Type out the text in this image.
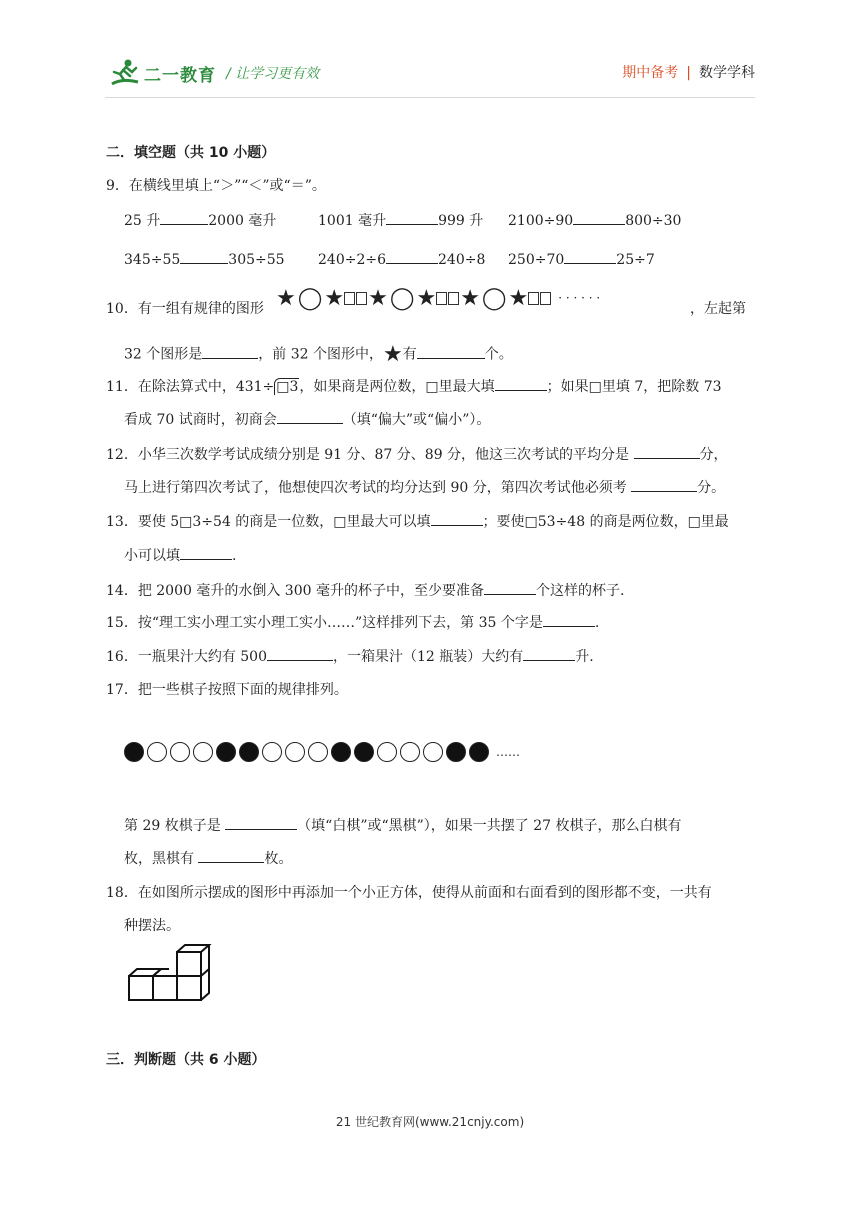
二一教育 / 让学习更有效	期中备考 | 数学学科
二．填空题（共 10 小题）
9．在横线里填上“＞”“＜”或“＝”。
25 升	2000 毫升	1001 毫升	999 升 2100÷90	800÷30
345÷55	305÷55 240÷2÷6	240÷8 250÷70	25÷7
10．有一组有规律的图形 ★ ◯ ★ ★ ◯ ★ ★ ◯ ★	· · · · · ·
，左起第
32 个图形是	，前 32 个图形中，★有	个。
11．在除法算式中，431÷ □3，如果商是两位数，□里最大填	；如果□里填 7，把除数 73
看成 70 试商时，初商会	（填“偏大”或“偏小”）。
12．小华三次数学考试成绩分别是 91 分、87 分、89 分，他这三次考试的平均分是	分，
马上进行第四次考试了，他想使四次考试的均分达到 90 分，第四次考试他必须考	分。
13．要使 5□3÷54 的商是一位数，□里最大可以填	；要使□53÷48 的商是两位数，□里最
小可以填	.
14．把 2000 毫升的水倒入 300 毫升的杯子中，至少要准备	个这样的杯子.
15．按“理工实小理工实小理工实小……”这样排列下去，第 35 个字是	.
16．一瓶果汁大约有 500	，一箱果汁（12 瓶装）大约有	升.
17．把一些棋子按照下面的规律排列。
……
第 29 枚棋子是	（填“白棋”或“黑棋”），如果一共摆了 27 枚棋子，那么白棋有
枚，黑棋有	枚。
18．在如图所示摆成的图形中再添加一个小正方体，使得从前面和右面看到的图形都不变，一共有
种摆法。
三．判断题（共 6 小题）
21 世纪教育网(www.21cnjy.com)
